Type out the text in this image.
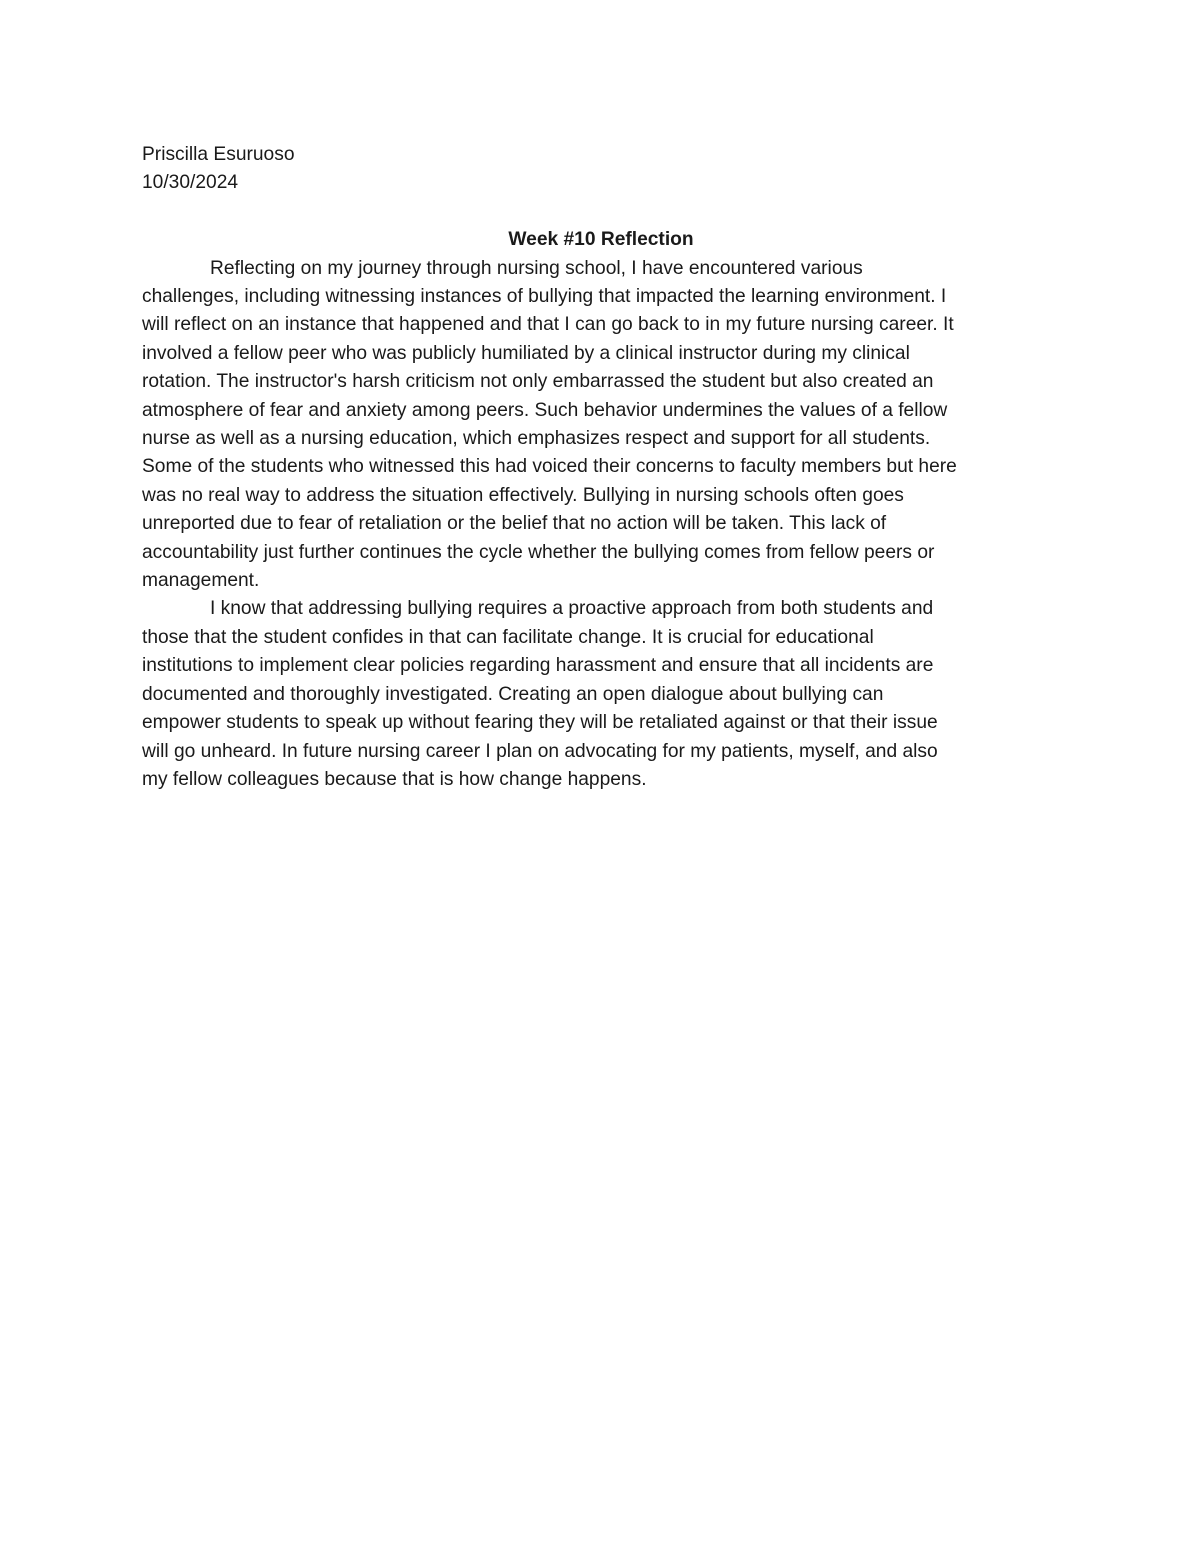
Priscilla Esuruoso
10/30/2024
Week #10 Reflection
Reflecting on my journey through nursing school, I have encountered various
challenges, including witnessing instances of bullying that impacted the learning environment. I
will reflect on an instance that happened and that I can go back to in my future nursing career. It
involved a fellow peer who was publicly humiliated by a clinical instructor during my clinical
rotation. The instructor's harsh criticism not only embarrassed the student but also created an
atmosphere of fear and anxiety among peers. Such behavior undermines the values of a fellow
nurse as well as a nursing education, which emphasizes respect and support for all students.
Some of the students who witnessed this had voiced their concerns to faculty members but here
was no real way to address the situation effectively. Bullying in nursing schools often goes
unreported due to fear of retaliation or the belief that no action will be taken. This lack of
accountability just further continues the cycle whether the bullying comes from fellow peers or
management.
I know that addressing bullying requires a proactive approach from both students and
those that the student confides in that can facilitate change. It is crucial for educational
institutions to implement clear policies regarding harassment and ensure that all incidents are
documented and thoroughly investigated. Creating an open dialogue about bullying can
empower students to speak up without fearing they will be retaliated against or that their issue
will go unheard. In future nursing career I plan on advocating for my patients, myself, and also
my fellow colleagues because that is how change happens.
